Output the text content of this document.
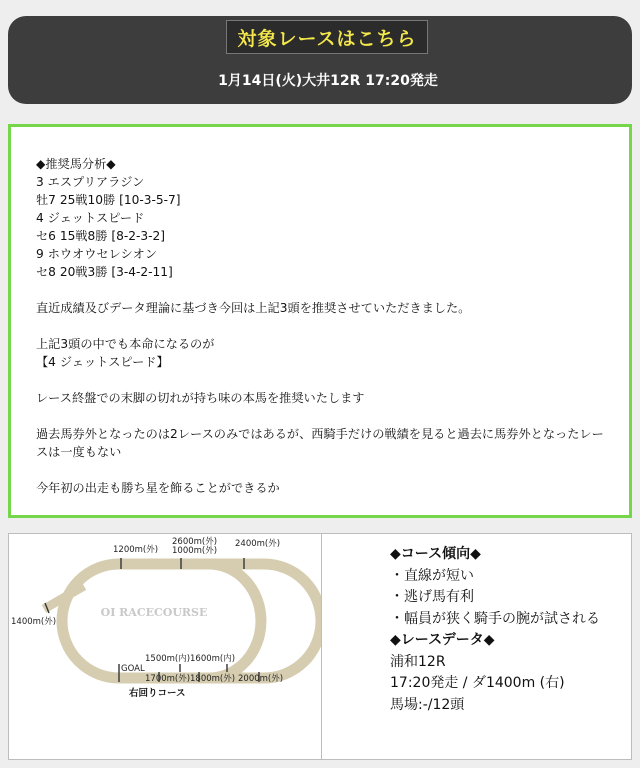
対象レースはこちら
1月14日(火)大井12R 17:20発走

◆推奨馬分析◆

3 エスプリアラジン

牡7 25戦10勝 [10-3-5-7]

4 ジェットスピード

セ6 15戦8勝 [8-2-3-2]

9 ホウオウセレシオン

セ8 20戦3勝 [3-4-2-11]

直近成績及びデータ理論に基づき今回は上記3頭を推奨させていただきました。

上記3頭の中でも本命になるのが

【4 ジェットスピード】

レース終盤での末脚の切れが持ち味の本馬を推奨いたします

過去馬券外となったのは2レースのみではあるが、西騎手だけの戦績を見ると過去に馬券外となったレースは一度もない

今年初の出走も勝ち星を飾ることができるか

OI RACECOURSE
1200m(外)
2600m(外)
1000m(外)
2400m(外)
1400m(外)
1500m(内) 1600m(内)
GOAL
1700m(外) 1800m(外) 2000m(外)
右回りコース
◆コース傾向◆
・直線が短い
・逃げ馬有利
・幅員が狭く騎手の腕が試される
◆レースデータ◆
浦和12R
17:20発走 / ダ1400m (右)
馬場:-/12頭
